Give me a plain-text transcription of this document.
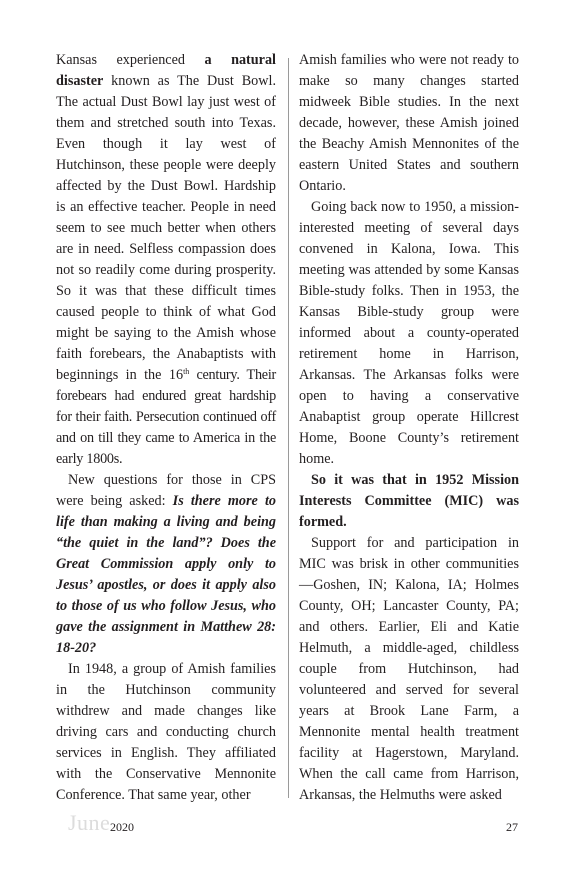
Kansas experienced a natural disaster known as The Dust Bowl. The actual Dust Bowl lay just west of them and stretched south into Texas. Even though it lay west of Hutchinson, these people were deeply affected by the Dust Bowl. Hardship is an effective teacher. People in need seem to see much better when others are in need. Selfless compassion does not so readily come during prosperity. So it was that these difficult times caused people to think of what God might be saying to the Amish whose faith forebears, the Anabaptists with beginnings in the 16th century. Their forebears had endured great hardship for their faith. Persecution continued off and on till they came to America in the early 1800s.

New questions for those in CPS were being asked: Is there more to life than making a living and being “the quiet in the land”? Does the Great Commission apply only to Jesus’ apostles, or does it apply also to those of us who follow Jesus, who gave the assignment in Matthew 28: 18-20?

In 1948, a group of Amish families in the Hutchinson community withdrew and made changes like driving cars and conducting church services in English. They affiliated with the Conservative Mennonite Conference. That same year, other

Amish families who were not ready to make so many changes started midweek Bible studies. In the next decade, however, these Amish joined the Beachy Amish Mennonites of the eastern United States and southern Ontario.

Going back now to 1950, a mission-interested meeting of several days convened in Kalona, Iowa. This meeting was attended by some Kansas Bible-study folks. Then in 1953, the Kansas Bible-study group were informed about a county-operated retirement home in Harrison, Arkansas. The Arkansas folks were open to having a conservative Anabaptist group operate Hillcrest Home, Boone County’s retirement home.

So it was that in 1952 Mission Interests Committee (MIC) was formed.

Support for and participation in MIC was brisk in other communities—Goshen, IN; Kalona, IA; Holmes County, OH; Lancaster County, PA; and others. Earlier, Eli and Katie Helmuth, a middle-aged, childless couple from Hutchinson, had volunteered and served for several years at Brook Lane Farm, a Mennonite mental health treatment facility at Hagerstown, Maryland. When the call came from Harrison, Arkansas, the Helmuths were asked

June 2020	27
